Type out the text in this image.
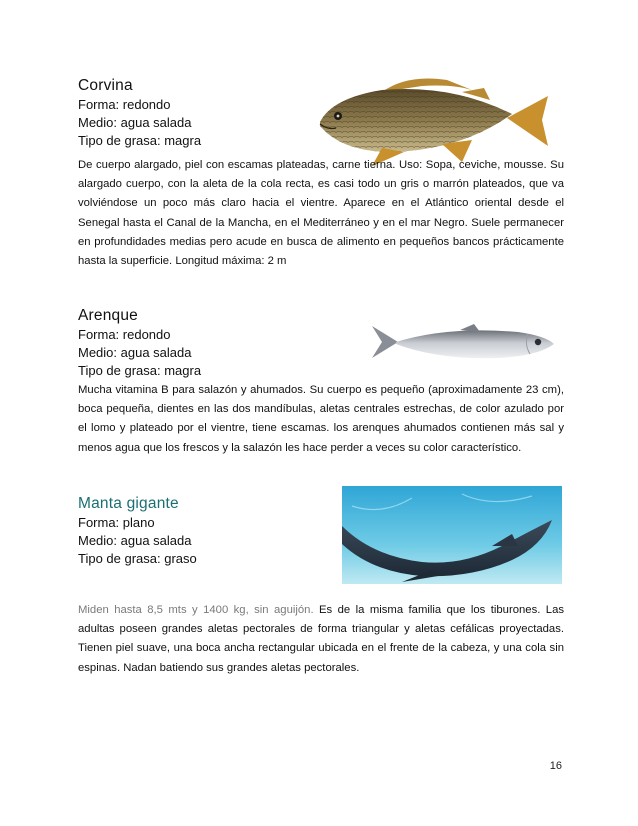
Corvina

Forma: redondo

Medio: agua salada

Tipo de grasa: magra

De cuerpo alargado, piel con escamas plateadas, carne tierna. Uso: Sopa, ceviche, mousse. Su alargado cuerpo, con la aleta de la cola recta, es casi todo un gris o marrón plateados, que va volviéndose un poco más claro hacia el vientre. Aparece en el Atlántico oriental desde el Senegal hasta el Canal de la Mancha, en el Mediterráneo y en el mar Negro. Suele permanecer en profundidades medias pero acude en busca de alimento en pequeños bancos prácticamente hasta la superficie. Longitud máxima: 2 m

Arenque

Forma: redondo

Medio: agua salada

Tipo de grasa: magra

Mucha vitamina B para salazón y ahumados. Su cuerpo es pequeño (aproximadamente 23 cm), boca pequeña, dientes en las dos mandíbulas, aletas centrales estrechas, de color azulado por el lomo y plateado por el vientre, tiene escamas. los arenques ahumados contienen más sal y menos agua que los frescos y la salazón les hace perder a veces su color característico.

Manta gigante

Forma: plano

Medio: agua salada

Tipo de grasa: graso

Miden hasta 8,5 mts y 1400 kg, sin aguijón. Es de la misma familia que los tiburones. Las adultas poseen grandes aletas pectorales de forma triangular y aletas cefálicas proyectadas. Tienen piel suave, una boca ancha rectangular ubicada en el frente de la cabeza, y una cola sin espinas. Nadan batiendo sus grandes aletas pectorales.

16
